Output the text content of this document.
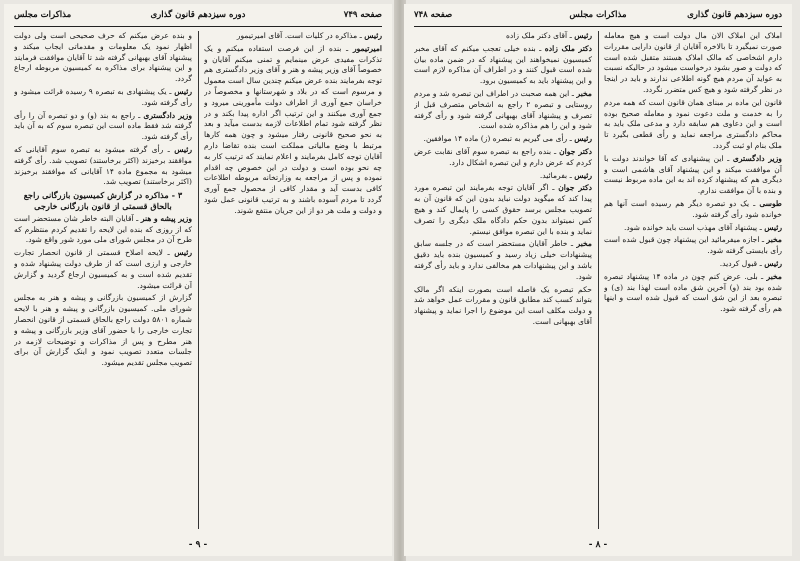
صفحه ۷۴۹
دوره سیزدهم قانون گذاری
مذاکرات مجلس

رئیس ـ مذاکره در کلیات است. آقای امیرتیمور

امیرتیمور ـ بنده از این فرصت استفاده میکنم و یک تذکرات مفیدی عرض مینمایم و تمنی میکنم آقایان و خصوصاً آقای وزیر پیشه و هنر و آقای وزیر دادگستری هم توجه بفرمایند بنده عرض میکنم چندین سال است معمول و مرسوم است که در بلاد و شهرستانها و مخصوصاً در خراسان جمع آوری از اطراف دولت مأمورینی میرود و جمع آوری میکنند و این ترتیب اگر اداره پیدا بکند و در نظر گرفته شود تمام اطلاعات لازمه بدست میآید و بعد به نحو صحیح قانونی رفتار میشود و چون همه کارها مرتبط با وضع مالیاتی مملکت است بنده تقاضا دارم آقایان توجه کامل بفرمایند و اعلام نمایند که ترتیب کار به چه نحو بوده است و دولت در این خصوص چه اقدام نموده و پس از مراجعه به وزارتخانه مربوطه اطلاعات کافی بدست آید و مقدار کافی از محصول جمع آوری گردد تا مردم آسوده باشند و به ترتیب قانونی عمل شود و دولت و ملت هر دو از این جریان منتفع شوند.

و بنده عرض میکنم که حرف صحیحی است ولی دولت اظهار نمود یک معلومات و مقدماتی ایجاب میکند و پیشنهاد آقای بهبهانی گرفته شد تا آقایان موافقت فرمایند و این پیشنهاد برای مذاکره به کمیسیون مربوطه ارجاع گردد.

رئیس ـ یک پیشنهادی به تبصره ۹ رسیده قرائت میشود و رأی گرفته شود.

وزیر دادگستری ـ راجع به بند (و) و دو تبصره آن را رأی گرفته شد فقط ماده است این تبصره سوم که به آن باید رأی گرفته شود.

رئیس ـ رأی گرفته میشود به تبصره سوم آقایانی که موافقند برخیزند (اکثر برخاستند) تصویب شد. رأی گرفته میشود به مجموع ماده ۱۴ آقایانی که موافقند برخیزند (اکثر برخاستند) تصویب شد.

۳ - مذاکره در گزارش کمیسیون بازرگانی راجع بالحاق قسمتی از قانون بازرگانی خارجی

وزیر پیشه و هنر ـ آقایان البته خاطر شان مستحضر است که از روزی که بنده این لایحه را تقدیم کردم منتظرم که طرح آن در مجلس شورای ملی مورد شور واقع شود.

رئیس ـ لایحه اصلاح قسمتی از قانون انحصار تجارت خارجی و ارزی است که از طرف دولت پیشنهاد شده و تقدیم شده است و به کمیسیون ارجاع گردید و گزارش آن قرائت میشود.

گزارش از کمیسیون بازرگانی و پیشه و هنر به مجلس شورای ملی. کمیسیون بازرگانی و پیشه و هنر با لایحه شماره ۵۸۰۱ دولت راجع بالحاق قسمتی از قانون انحصار تجارت خارجی را با حضور آقای وزیر بازرگانی و پیشه و هنر مطرح و پس از مذاکرات و توضیحات لازمه در جلسات متعدد تصویب نمود و اینک گزارش آن برای تصویب مجلس تقدیم میشود.

- ۹ -
دوره سیزدهم قانون گذاری
مذاکرات مجلس
صفحه ۷۴۸

املاک این املاک الان مال دولت است و هیچ معامله صورت نمیگیرد تا بالاخره آقایان از قانون دارایی مقررات دارم اشخاصی که مالک املاک هستند متقبل شده است که دولت و صور بشود درخواست میشود در حالیکه نسبت به عواید آن مردم هیچ گونه اطلاعی ندارند و باید در اینجا در نظر گرفته شود و هیچ کس متضرر نگردد.

قانون این ماده بر مبنای همان قانون است که همه مردم را به خدمت و ملت دعوت نمود و معامله صحیح بوده است و این دعاوی هم سابقه دارد و مدعی ملک باید به محاکم دادگستری مراجعه نماید و رأی قطعی بگیرد تا ملک بنام او ثبت گردد.

وزیر دادگستری ـ این پیشنهادی که آقا خواندند دولت با آن موافقت میکند و این پیشنهاد آقای هاشمی است و دیگری هم که پیشنهاد کرده اند به این ماده مربوط نیست و بنده با آن موافقت ندارم.

طوسی ـ یک دو تبصره دیگر هم رسیده است آنها هم خوانده شود رأی گرفته شود.

رئیس ـ پیشنهاد آقای مهذب است باید خوانده شود.

مخبر ـ اجازه میفرمائید این پیشنهاد چون قبول شده است رأی بایستی گرفته شود.

رئیس ـ قبول کردید.

مخبر ـ بلی. عرض کنم چون در ماده ۱۴ پیشنهاد تبصره شده بود بند (و) آخرین شق ماده است لهذا بند (ی) و تبصره بعد از این شق است که قبول شده است و اینها هم رأی گرفته شود.

رئیس ـ آقای دکتر ملک زاده

دکتر ملک زاده ـ بنده خیلی تعجب میکنم که آقای مخبر کمیسیون نمیخواهند این پیشنهاد که در ضمن ماده بیان شده است قبول کنند و در اطراف آن مذاکره لازم است و این پیشنهاد باید به کمیسیون برود.

مخبر ـ این همه صحبت در اطراف این تبصره شد و مردم روستایی و تبصره ۲ راجع به اشخاص متصرف قبل از تصرف و پیشنهاد آقای بهبهانی گرفته شود و رأی گرفته شود و این را هم مذاکره شده است.

رئیس ـ رأی می گیریم به تبصره (ز) ماده ۱۴ موافقین.

دکتر جوان ـ بنده راجع به تبصره سوم آقای نقابت عرض کردم که عرض دارم و این تبصره اشکال دارد.

رئیس ـ بفرمائید.

دکتر جوان ـ اگر آقایان توجه بفرمایند این تبصره مورد پیدا کند که میگوید دولت نباید بدون این که قانون آن به تصویب مجلس برسد حقوق کسی را پایمال کند و هیچ کس نمیتواند بدون حکم دادگاه ملک دیگری را تصرف نماید و بنده با این تبصره موافق نیستم.

مخبر ـ خاطر آقایان مستحضر است که در جلسه سابق پیشنهادات خیلی زیاد رسید و کمیسیون بنده باید دقیق باشد و این پیشنهادات هم مخالفی ندارد و باید رأی گرفته شود.

حکم تبصره یک فاصله است بصورت اینکه اگر مالک بتواند کسب کند مطابق قانون و مقررات عمل خواهد شد و دولت مکلف است این موضوع را اجرا نماید و پیشنهاد آقای بهبهانی است.

- ۸ -
